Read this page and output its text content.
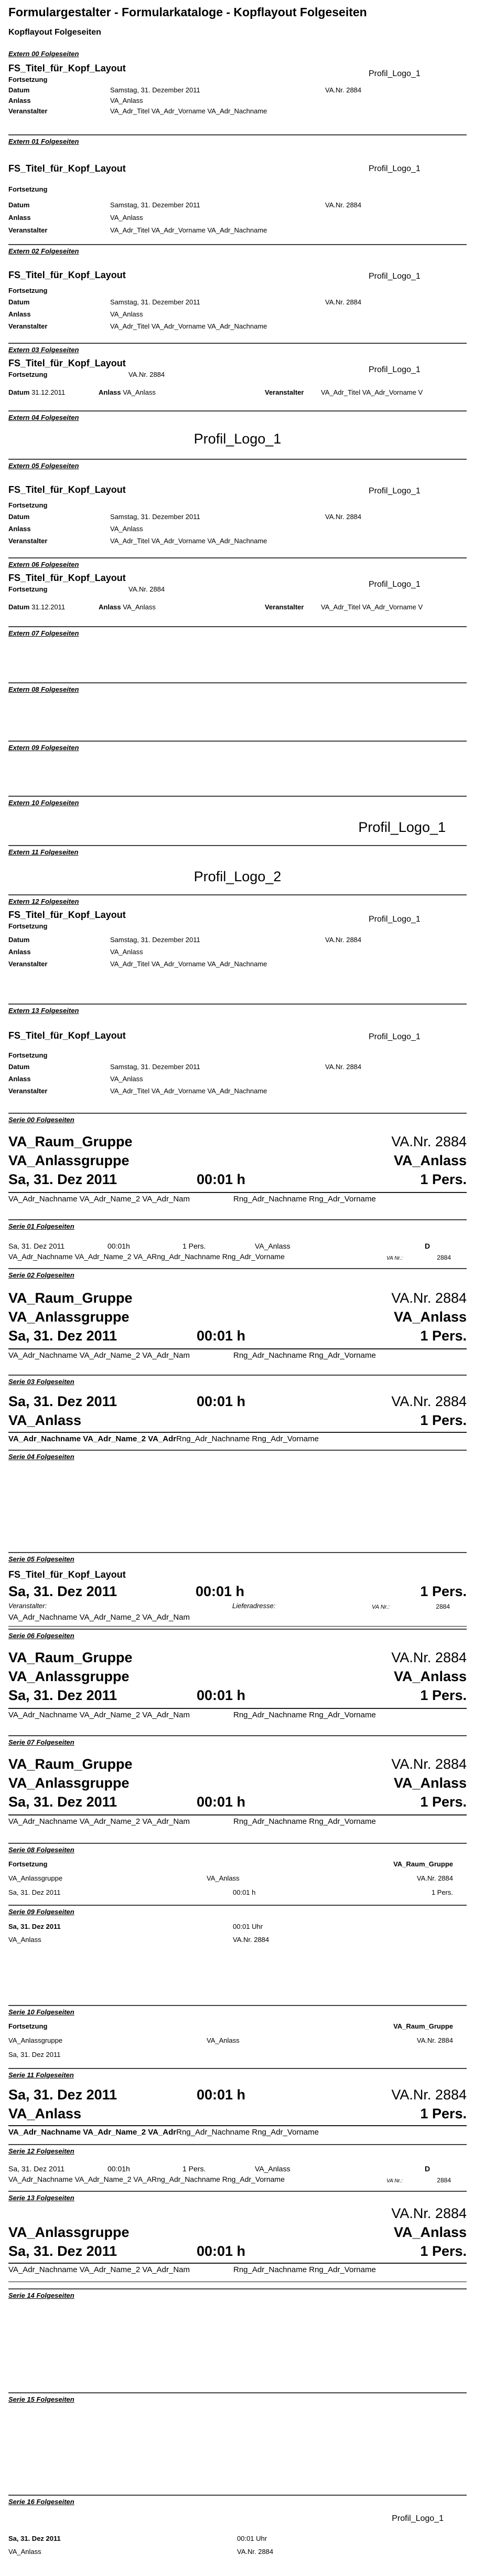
Formulargestalter - Formularkataloge - Kopflayout Folgeseiten
Kopflayout Folgeseiten
Extern 00 Folgeseiten
FS_Titel_für_Kopf_Layout
Profil_Logo_1
Fortsetzung
Datum	Samstag, 31. Dezember 2011	VA.Nr. 2884
Anlass	VA_Anlass
Veranstalter	VA_Adr_Titel VA_Adr_Vorname VA_Adr_Nachname
Extern 01 Folgeseiten
FS_Titel_für_Kopf_Layout	Profil_Logo_1
Fortsetzung
Datum	Samstag, 31. Dezember 2011	VA.Nr. 2884
Anlass	VA_Anlass
Veranstalter	VA_Adr_Titel VA_Adr_Vorname VA_Adr_Nachname
Extern 02 Folgeseiten
FS_Titel_für_Kopf_Layout	Profil_Logo_1
Fortsetzung
Datum	Samstag, 31. Dezember 2011	VA.Nr. 2884
Anlass	VA_Anlass
Veranstalter	VA_Adr_Titel VA_Adr_Vorname VA_Adr_Nachname
Extern 03 Folgeseiten
FS_Titel_für_Kopf_Layout
Profil_Logo_1
Fortsetzung	VA.Nr. 2884
Datum 31.12.2011	Anlass VA_Anlass	Veranstalter	VA_Adr_Titel VA_Adr_Vorname V
Extern 04 Folgeseiten
Profil_Logo_1
Extern 05 Folgeseiten
FS_Titel_für_Kopf_Layout	Profil_Logo_1
Fortsetzung
Datum	Samstag, 31. Dezember 2011	VA.Nr. 2884
Anlass	VA_Anlass
Veranstalter	VA_Adr_Titel VA_Adr_Vorname VA_Adr_Nachname
Extern 06 Folgeseiten
FS_Titel_für_Kopf_Layout
Profil_Logo_1
Fortsetzung	VA.Nr. 2884
Datum 31.12.2011	Anlass VA_Anlass	Veranstalter	VA_Adr_Titel VA_Adr_Vorname V
Extern 07 Folgeseiten
Extern 08 Folgeseiten
Extern 09 Folgeseiten
Extern 10 Folgeseiten
Profil_Logo_1
Extern 11 Folgeseiten
Profil_Logo_2
Extern 12 Folgeseiten
FS_Titel_für_Kopf_Layout	Profil_Logo_1
Fortsetzung
Datum	Samstag, 31. Dezember 2011	VA.Nr. 2884
Anlass	VA_Anlass
Veranstalter	VA_Adr_Titel VA_Adr_Vorname VA_Adr_Nachname
Extern 13 Folgeseiten
FS_Titel_für_Kopf_Layout	Profil_Logo_1
Fortsetzung
Datum	Samstag, 31. Dezember 2011	VA.Nr. 2884
Anlass	VA_Anlass
Veranstalter	VA_Adr_Titel VA_Adr_Vorname VA_Adr_Nachname
Serie 00 Folgeseiten
VA_Raum_Gruppe	VA.Nr. 2884
VA_Anlassgruppe	VA_Anlass
Sa, 31. Dez 2011	00:01 h	1 Pers.
VA_Adr_Nachname VA_Adr_Name_2 VA_Adr_Nam	Rng_Adr_Nachname Rng_Adr_Vorname
Serie 01 Folgeseiten
Sa, 31. Dez 2011	00:01h	1 Pers.	VA_Anlass	D
VA_Adr_Nachname VA_Adr_Name_2 VA_ARng_Adr_Nachname Rng_Adr_Vorname	VA Nr.:	2884
Serie 02 Folgeseiten
VA_Raum_Gruppe	VA.Nr. 2884
VA_Anlassgruppe	VA_Anlass
Sa, 31. Dez 2011	00:01 h	1 Pers.
VA_Adr_Nachname VA_Adr_Name_2 VA_Adr_Nam	Rng_Adr_Nachname Rng_Adr_Vorname
Serie 03 Folgeseiten
Sa, 31. Dez 2011	00:01 h	VA.Nr. 2884
VA_Anlass	1 Pers.
VA_Adr_Nachname VA_Adr_Name_2 VA_AdrRng_Adr_Nachname Rng_Adr_Vorname
Serie 04 Folgeseiten
Serie 05 Folgeseiten
FS_Titel_für_Kopf_Layout
Sa, 31. Dez 2011	00:01 h	1 Pers.
Veranstalter:	Lieferadresse:	VA Nr.:	2884
VA_Adr_Nachname VA_Adr_Name_2 VA_Adr_Nam
Serie 06 Folgeseiten
VA_Raum_Gruppe	VA.Nr. 2884
VA_Anlassgruppe	VA_Anlass
Sa, 31. Dez 2011	00:01 h	1 Pers.
VA_Adr_Nachname VA_Adr_Name_2 VA_Adr_Nam	Rng_Adr_Nachname Rng_Adr_Vorname
Serie 07 Folgeseiten
VA_Raum_Gruppe	VA.Nr. 2884
VA_Anlassgruppe	VA_Anlass
Sa, 31. Dez 2011	00:01 h	1 Pers.
VA_Adr_Nachname VA_Adr_Name_2 VA_Adr_Nam	Rng_Adr_Nachname Rng_Adr_Vorname
Serie 08 Folgeseiten
Fortsetzung	VA_Raum_Gruppe
VA_Anlassgruppe	VA_Anlass	VA.Nr. 2884
Sa, 31. Dez 2011	00:01 h	1 Pers.
Serie 09 Folgeseiten
Sa, 31. Dez 2011	00:01 Uhr
VA_Anlass	VA.Nr. 2884
Serie 10 Folgeseiten
Fortsetzung	VA_Raum_Gruppe
VA_Anlassgruppe	VA_Anlass	VA.Nr. 2884
Sa, 31. Dez 2011
Serie 11 Folgeseiten
Sa, 31. Dez 2011	00:01 h	VA.Nr. 2884
VA_Anlass	1 Pers.
VA_Adr_Nachname VA_Adr_Name_2 VA_AdrRng_Adr_Nachname Rng_Adr_Vorname
Serie 12 Folgeseiten
Sa, 31. Dez 2011	00:01h	1 Pers.	VA_Anlass	D
VA_Adr_Nachname VA_Adr_Name_2 VA_ARng_Adr_Nachname Rng_Adr_Vorname	VA Nr.:	2884
Serie 13 Folgeseiten

VA.Nr. 2884
VA_Anlassgruppe	VA_Anlass
Sa, 31. Dez 2011	00:01 h	1 Pers.
VA_Adr_Nachname VA_Adr_Name_2 VA_Adr_Nam	Rng_Adr_Nachname Rng_Adr_Vorname
Serie 14 Folgeseiten
Serie 15 Folgeseiten
Serie 16 Folgeseiten
Profil_Logo_1
Sa, 31. Dez 2011	00:01 Uhr
VA_Anlass	VA.Nr. 2884
